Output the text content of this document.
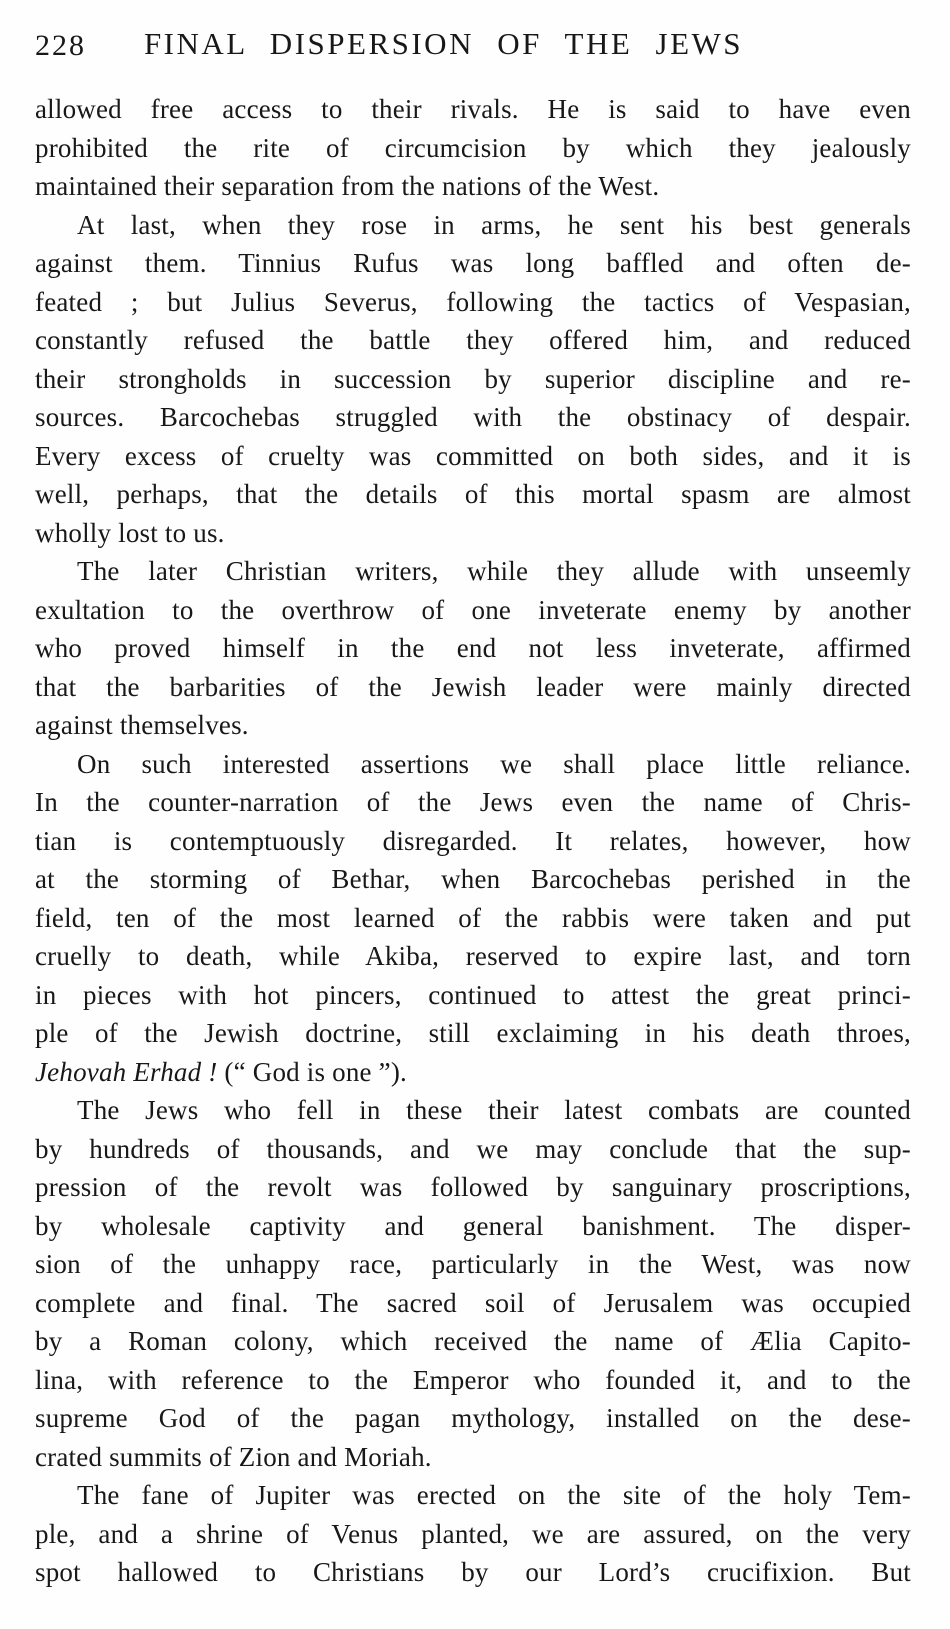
228	FINAL DISPERSION OF THE JEWS
allowed free access to their rivals. He is said to have even
prohibited the rite of circumcision by which they jealously
maintained their separation from the nations of the West.
At last, when they rose in arms, he sent his best generals
against them. Tinnius Rufus was long baffled and often de-
feated ; but Julius Severus, following the tactics of Vespasian,
constantly refused the battle they offered him, and reduced
their strongholds in succession by superior discipline and re-
sources. Barcochebas struggled with the obstinacy of despair.
Every excess of cruelty was committed on both sides, and it is
well, perhaps, that the details of this mortal spasm are almost
wholly lost to us.
The later Christian writers, while they allude with unseemly
exultation to the overthrow of one inveterate enemy by another
who proved himself in the end not less inveterate, affirmed
that the barbarities of the Jewish leader were mainly directed
against themselves.
On such interested assertions we shall place little reliance.
In the counter-narration of the Jews even the name of Chris-
tian is contemptuously disregarded. It relates, however, how
at the storming of Bethar, when Barcochebas perished in the
field, ten of the most learned of the rabbis were taken and put
cruelly to death, while Akiba, reserved to expire last, and torn
in pieces with hot pincers, continued to attest the great princi-
ple of the Jewish doctrine, still exclaiming in his death throes,
Jehovah Erhad ! (“ God is one ”).
The Jews who fell in these their latest combats are counted
by hundreds of thousands, and we may conclude that the sup-
pression of the revolt was followed by sanguinary proscriptions,
by wholesale captivity and general banishment. The disper-
sion of the unhappy race, particularly in the West, was now
complete and final. The sacred soil of Jerusalem was occupied
by a Roman colony, which received the name of Ælia Capito-
lina, with reference to the Emperor who founded it, and to the
supreme God of the pagan mythology, installed on the dese-
crated summits of Zion and Moriah.
The fane of Jupiter was erected on the site of the holy Tem-
ple, and a shrine of Venus planted, we are assured, on the very
spot hallowed to Christians by our Lord’s crucifixion. But
